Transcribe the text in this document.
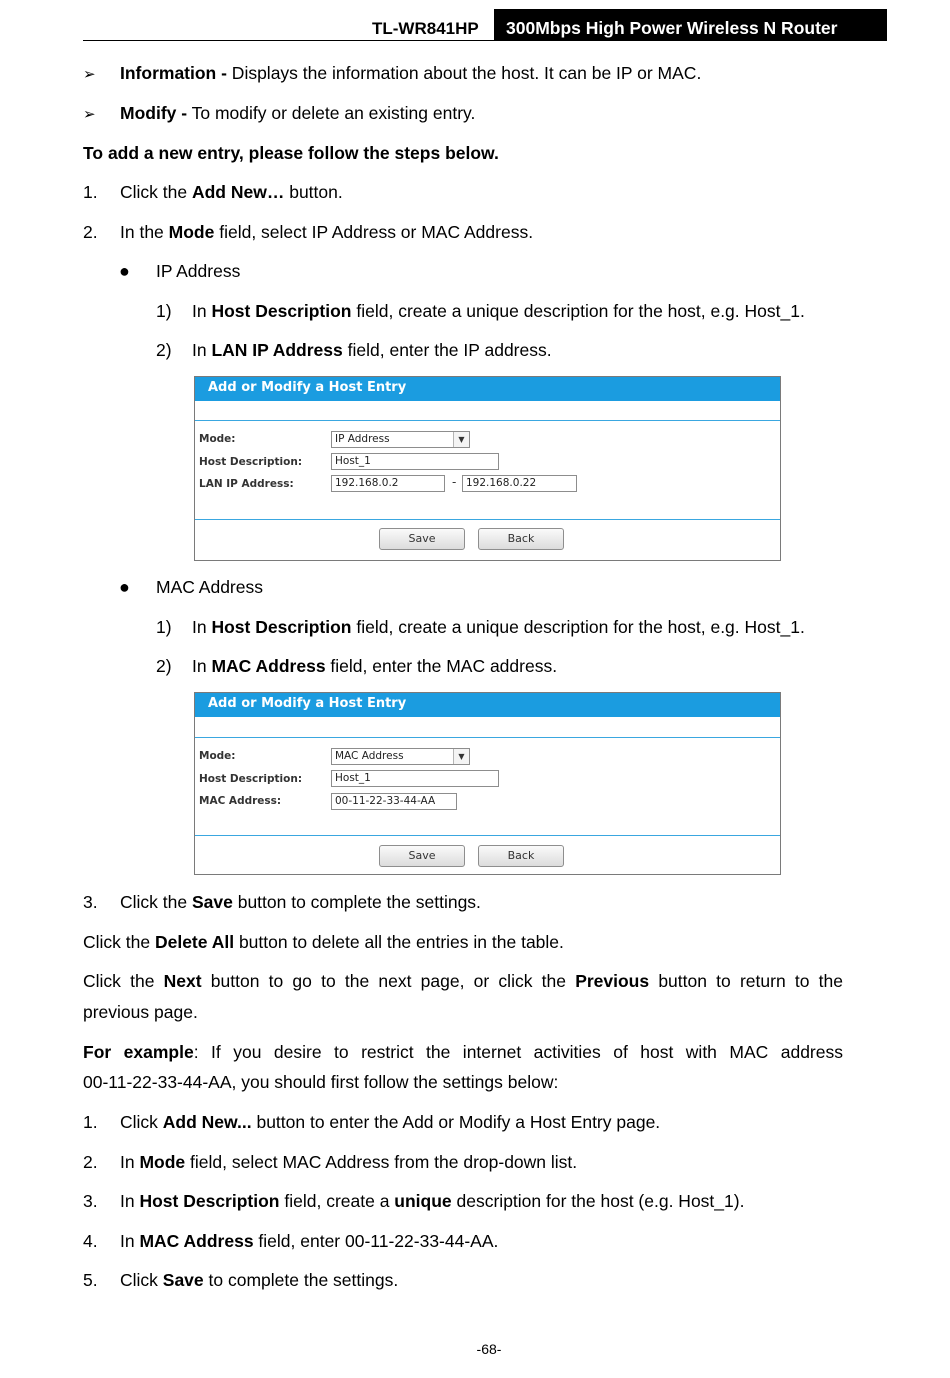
TL-WR841HP 300Mbps High Power Wireless N Router
➢ Information - Displays the information about the host. It can be IP or MAC.
➢ Modify - To modify or delete an existing entry.
To add a new entry, please follow the steps below.
1. Click the Add New… button.
2. In the Mode field, select IP Address or MAC Address.
● IP Address
1) In Host Description field, create a unique description for the host, e.g. Host_1.
2) In LAN IP Address field, enter the IP address.
Add or Modify a Host Entry
Mode:	IP Address	▼
Host Description:	Host_1
LAN IP Address:	192.168.0.2	- 192.168.0.22
Save	Back
● MAC Address
1) In Host Description field, create a unique description for the host, e.g. Host_1.
2) In MAC Address field, enter the MAC address.
Add or Modify a Host Entry
Mode:	MAC Address	▼
Host Description:	Host_1
MAC Address:	00-11-22-33-44-AA
Save	Back
3. Click the Save button to complete the settings.
Click the Delete All button to delete all the entries in the table.
Click the Next button to go to the next page, or click the Previous button to return to the
previous page.
For example: If you desire to restrict the internet activities of host with MAC address
00-11-22-33-44-AA, you should first follow the settings below:
1. Click Add New... button to enter the Add or Modify a Host Entry page.
2. In Mode field, select MAC Address from the drop-down list.
3. In Host Description field, create a unique description for the host (e.g. Host_1).
4. In MAC Address field, enter 00-11-22-33-44-AA.
5. Click Save to complete the settings.
-68-
